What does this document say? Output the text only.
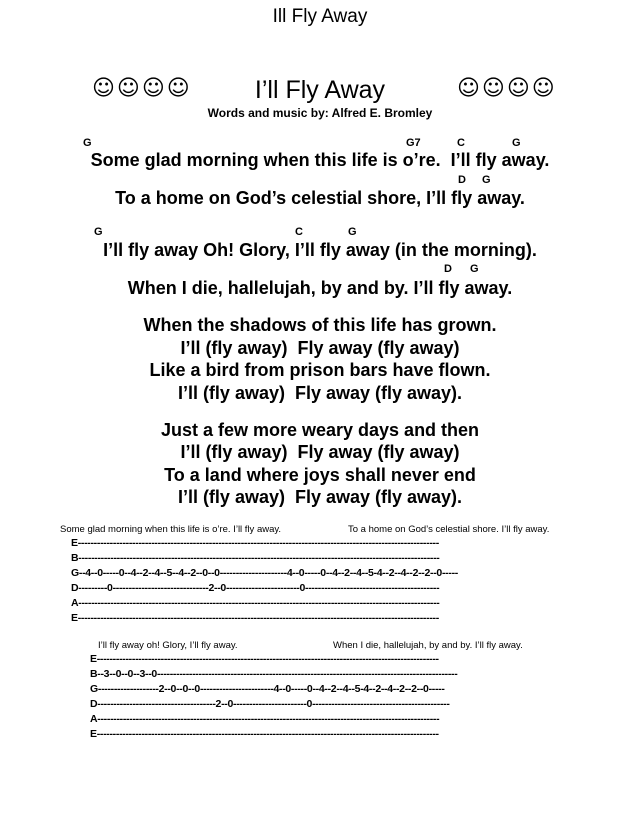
Ill Fly Away
☺☺☺☺	I’ll Fly Away	☺☺☺☺
Words and music by: Alfred E. Bromley
G	G7	C	G
Some glad morning when this life is o’re.  I’ll fly away.
D G
To a home on God’s celestial shore, I’ll fly away.
G	C	G
I’ll fly away Oh! Glory, I’ll fly away (in the morning).
D G
When I die, hallelujah, by and by. I’ll fly away.
When the shadows of this life has grown.
I’ll (fly away)  Fly away (fly away)
Like a bird from prison bars have flown.
I’ll (fly away)  Fly away (fly away).
Just a few more weary days and then
I’ll (fly away)  Fly away (fly away)
To a land where joys shall never end
I’ll (fly away)  Fly away (fly away).
Some glad morning when this life is o’re. I’ll fly away.	To a home on God’s celestial shore. I’ll fly away.
E-----------------------------------------------------------------------------------------------------------------
B-----------------------------------------------------------------------------------------------------------------
G--4--0-----0--4--2--4--5--4--2--0--0---------------------4--0-----0--4--2--4--5-4--2--4--2--2--0-----
D---------0------------------------------2--0-----------------------0------------------------------------------
A-----------------------------------------------------------------------------------------------------------------
E-----------------------------------------------------------------------------------------------------------------
I’ll fly away oh! Glory, I’ll fly away.	When I die, hallelujah, by and by. I’ll fly away.
E-----------------------------------------------------------------------------------------------------------
B--3--0--0--3--0----------------------------------------------------------------------------------------------
G-------------------2--0--0--0-----------------------4--0-----0--4--2--4--5-4--2--4--2--2--0-----
D-------------------------------------2--0-----------------------0-------------------------------------------
A-----------------------------------------------------------------------------------------------------------
E-----------------------------------------------------------------------------------------------------------
